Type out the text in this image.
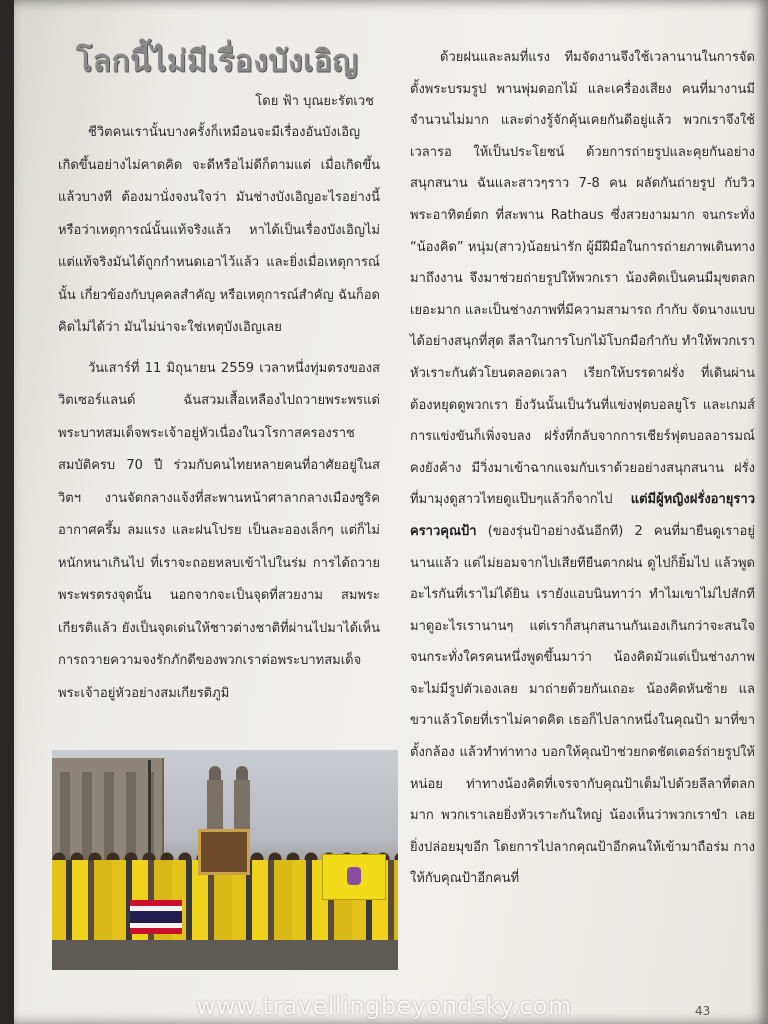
โลกนี้ไม่มีเรื่องบังเอิญ
โดย ฟ้า บุณยะรัตเวช

ชีวิตคนเรานั้นบางครั้งก็เหมือนจะมีเรื่องอันบังเอิญเกิดขึ้นอย่างไม่คาดคิด จะดีหรือไม่ดีก็ตามแต่ เมื่อเกิดขึ้นแล้วบางที ต้องมานั่งจงนใจว่า มันช่างบังเอิญอะไรอย่างนี้ หรือว่าเหตุการณ์นั้นแท้จริงแล้ว หาได้เป็นเรื่องบังเอิญไม่ แต่แท้จริงมันได้ถูกกำหนดเอาไว้แล้ว และยิ่งเมื่อเหตุการณ์นั้น เกี่ยวข้องกับบุคคลสำคัญ หรือเหตุการณ์สำคัญ ฉันก็อดคิดไม่ได้ว่า มันไม่น่าจะใช่เหตุบังเอิญเลย

วันเสาร์ที่ 11 มิถุนายน 2559 เวลาหนึ่งทุ่มตรงของสวิตเซอร์แลนด์ ฉันสวมเสื้อเหลืองไปถวายพระพรแด่พระบาทสมเด็จพระเจ้าอยู่หัวเนื่องในวโรกาสครองราชสมบัติครบ 70 ปี ร่วมกับคนไทยหลายคนที่อาศัยอยู่ในสวิตฯ งานจัดกลางแจ้งที่สะพานหน้าศาลากลางเมืองซูริคอากาศครึ้ม ลมแรง และฝนโปรย เป็นละอองเล็กๆ แต่ก็ไม่หนักหนาเกินไป ที่เราจะถอยหลบเข้าไปในร่ม การได้ถวายพระพรตรงจุดนั้น นอกจากจะเป็นจุดที่สวยงาม สมพระเกียรติแล้ว ยังเป็นจุดเด่นให้ชาวต่างชาติที่ผ่านไปมาได้เห็นการถวายความจงรักภักดีของพวกเราต่อพระบาทสมเด็จพระเจ้าอยู่หัวอย่างสมเกียรติภูมิ

ด้วยฝนและลมที่แรง ทีมจัดงานจึงใช้เวลานานในการจัดตั้งพระบรมรูป พานพุ่มดอกไม้ และเครื่องเสียง คนที่มางานมีจำนวนไม่มาก และต่างรู้จักคุ้นเคยกันดีอยู่แล้ว พวกเราจึงใช้เวลารอ ให้เป็นประโยชน์ ด้วยการถ่ายรูปและคุยกันอย่างสนุกสนาน ฉันและสาวๆราว 7-8 คน ผลัดกันถ่ายรูป กับวิวพระอาทิตย์ตก ที่สะพาน Rathaus ซึ่งสวยงามมาก จนกระทั่ง “น้องคิด” หนุ่ม(สาว)น้อยน่ารัก ผู้มีฝีมือในการถ่ายภาพเดินทางมาถึงงาน จึงมาช่วยถ่ายรูปให้พวกเรา น้องคิดเป็นคนมีมุขตลกเยอะมาก และเป็นช่างภาพที่มีความสามารถ กำกับ จัดนางแบบได้อย่างสนุกที่สุด ลีลาในการโบกไม้โบกมือกำกับ ทำให้พวกเราหัวเราะกันตัวโยนตลอดเวลา เรียกให้บรรดาฝรั่ง ที่เดินผ่าน ต้องหยุดดูพวกเรา ยิ่งวันนั้นเป็นวันที่แข่งฟุตบอลยูโร และเกมส์การแข่งขันก็เพิ่งจบลง ฝรั่งที่กลับจากการเชียร์ฟุตบอลอารมณ์คงยังค้าง มีวิ่งมาเข้าฉากแจมกับเราด้วยอย่างสนุกสนาน ฝรั่งที่มามุงดูสาวไทยดูแป๊บๆแล้วก็จากไป แต่มีผู้หญิงฝรั่งอายุราวคราวคุณป้า (ของรุ่นป้าอย่างฉันอีกที) 2 คนที่มายืนดูเราอยู่นานแล้ว แต่ไม่ยอมจากไปเสียทียืนตากฝน ดูไปก็ยิ้มไป แล้วพูดอะไรกันที่เราไม่ได้ยิน เรายังแอบนินทาว่า ทำไมเขาไม่ไปสักที มาดูอะไรเรานานๆ แต่เราก็สนุกสนานกันเองเกินกว่าจะสนใจ จนกระทั่งใครคนหนึ่งพูดขึ้นมาว่า น้องคิดมัวแต่เป็นช่างภาพ จะไม่มีรูปตัวเองเลย มาถ่ายด้วยกันเถอะ น้องคิดหันซ้าย แลขวาแล้วโดยที่เราไม่คาดคิด เธอก็ไปลากหนึ่งในคุณป้า มาที่ขาตั้งกล้อง แล้วทำท่าทาง บอกให้คุณป้าช่วยกดชัตเตอร์ถ่ายรูปให้หน่อย ท่าทางน้องคิดที่เจรจากับคุณป้าเต็มไปด้วยลีลาที่ตลกมาก พวกเราเลยยิ่งหัวเราะกันใหญ่ น้องเห็นว่าพวกเราขำ เลยยิ่งปล่อยมุขอีก โดยการไปลากคุณป้าอีกคนให้เข้ามาถือร่ม กางให้กับคุณป้าอีกคนที่

www.travellingbeyondsky.com	43
